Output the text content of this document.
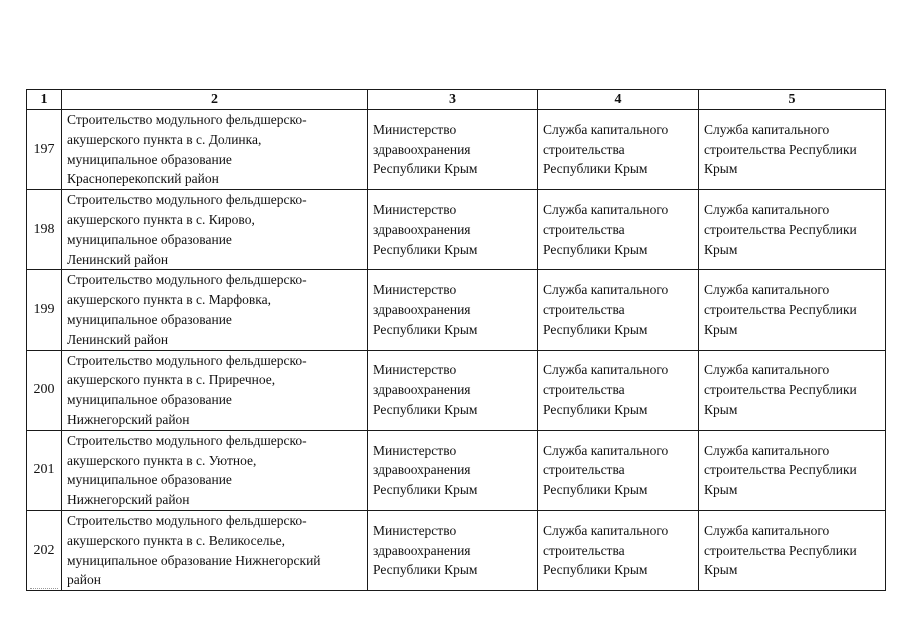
1	2	3	4	5
197	Строительство модульного фельдшерско-
акушерского пункта в с. Долинка,
муниципальное образование
Красноперекопский район	Министерство
здравоохранения
Республики Крым	Служба капитального
строительства
Республики Крым	Служба капитального
строительства Республики
Крым

198	Строительство модульного фельдшерско-
акушерского пункта в с. Кирово,
муниципальное образование
Ленинский район	Министерство
здравоохранения
Республики Крым	Служба капитального
строительства
Республики Крым	Служба капитального
строительства Республики
Крым

199	Строительство модульного фельдшерско-
акушерского пункта в с. Марфовка,
муниципальное образование
Ленинский район	Министерство
здравоохранения
Республики Крым	Служба капитального
строительства
Республики Крым	Служба капитального
строительства Республики
Крым

200	Строительство модульного фельдшерско-
акушерского пункта в с. Приречное,
муниципальное образование
Нижнегорский район	Министерство
здравоохранения
Республики Крым	Служба капитального
строительства
Республики Крым	Служба капитального
строительства Республики
Крым

201	Строительство модульного фельдшерско-
акушерского пункта в с. Уютное,
муниципальное образование
Нижнегорский район	Министерство
здравоохранения
Республики Крым	Служба капитального
строительства
Республики Крым	Служба капитального
строительства Республики
Крым

202	Строительство модульного фельдшерско-
акушерского пункта в с. Великоселье,
муниципальное образование Нижнегорский
район	Министерство
здравоохранения
Республики Крым	Служба капитального
строительства
Республики Крым	Служба капитального
строительства Республики
Крым
